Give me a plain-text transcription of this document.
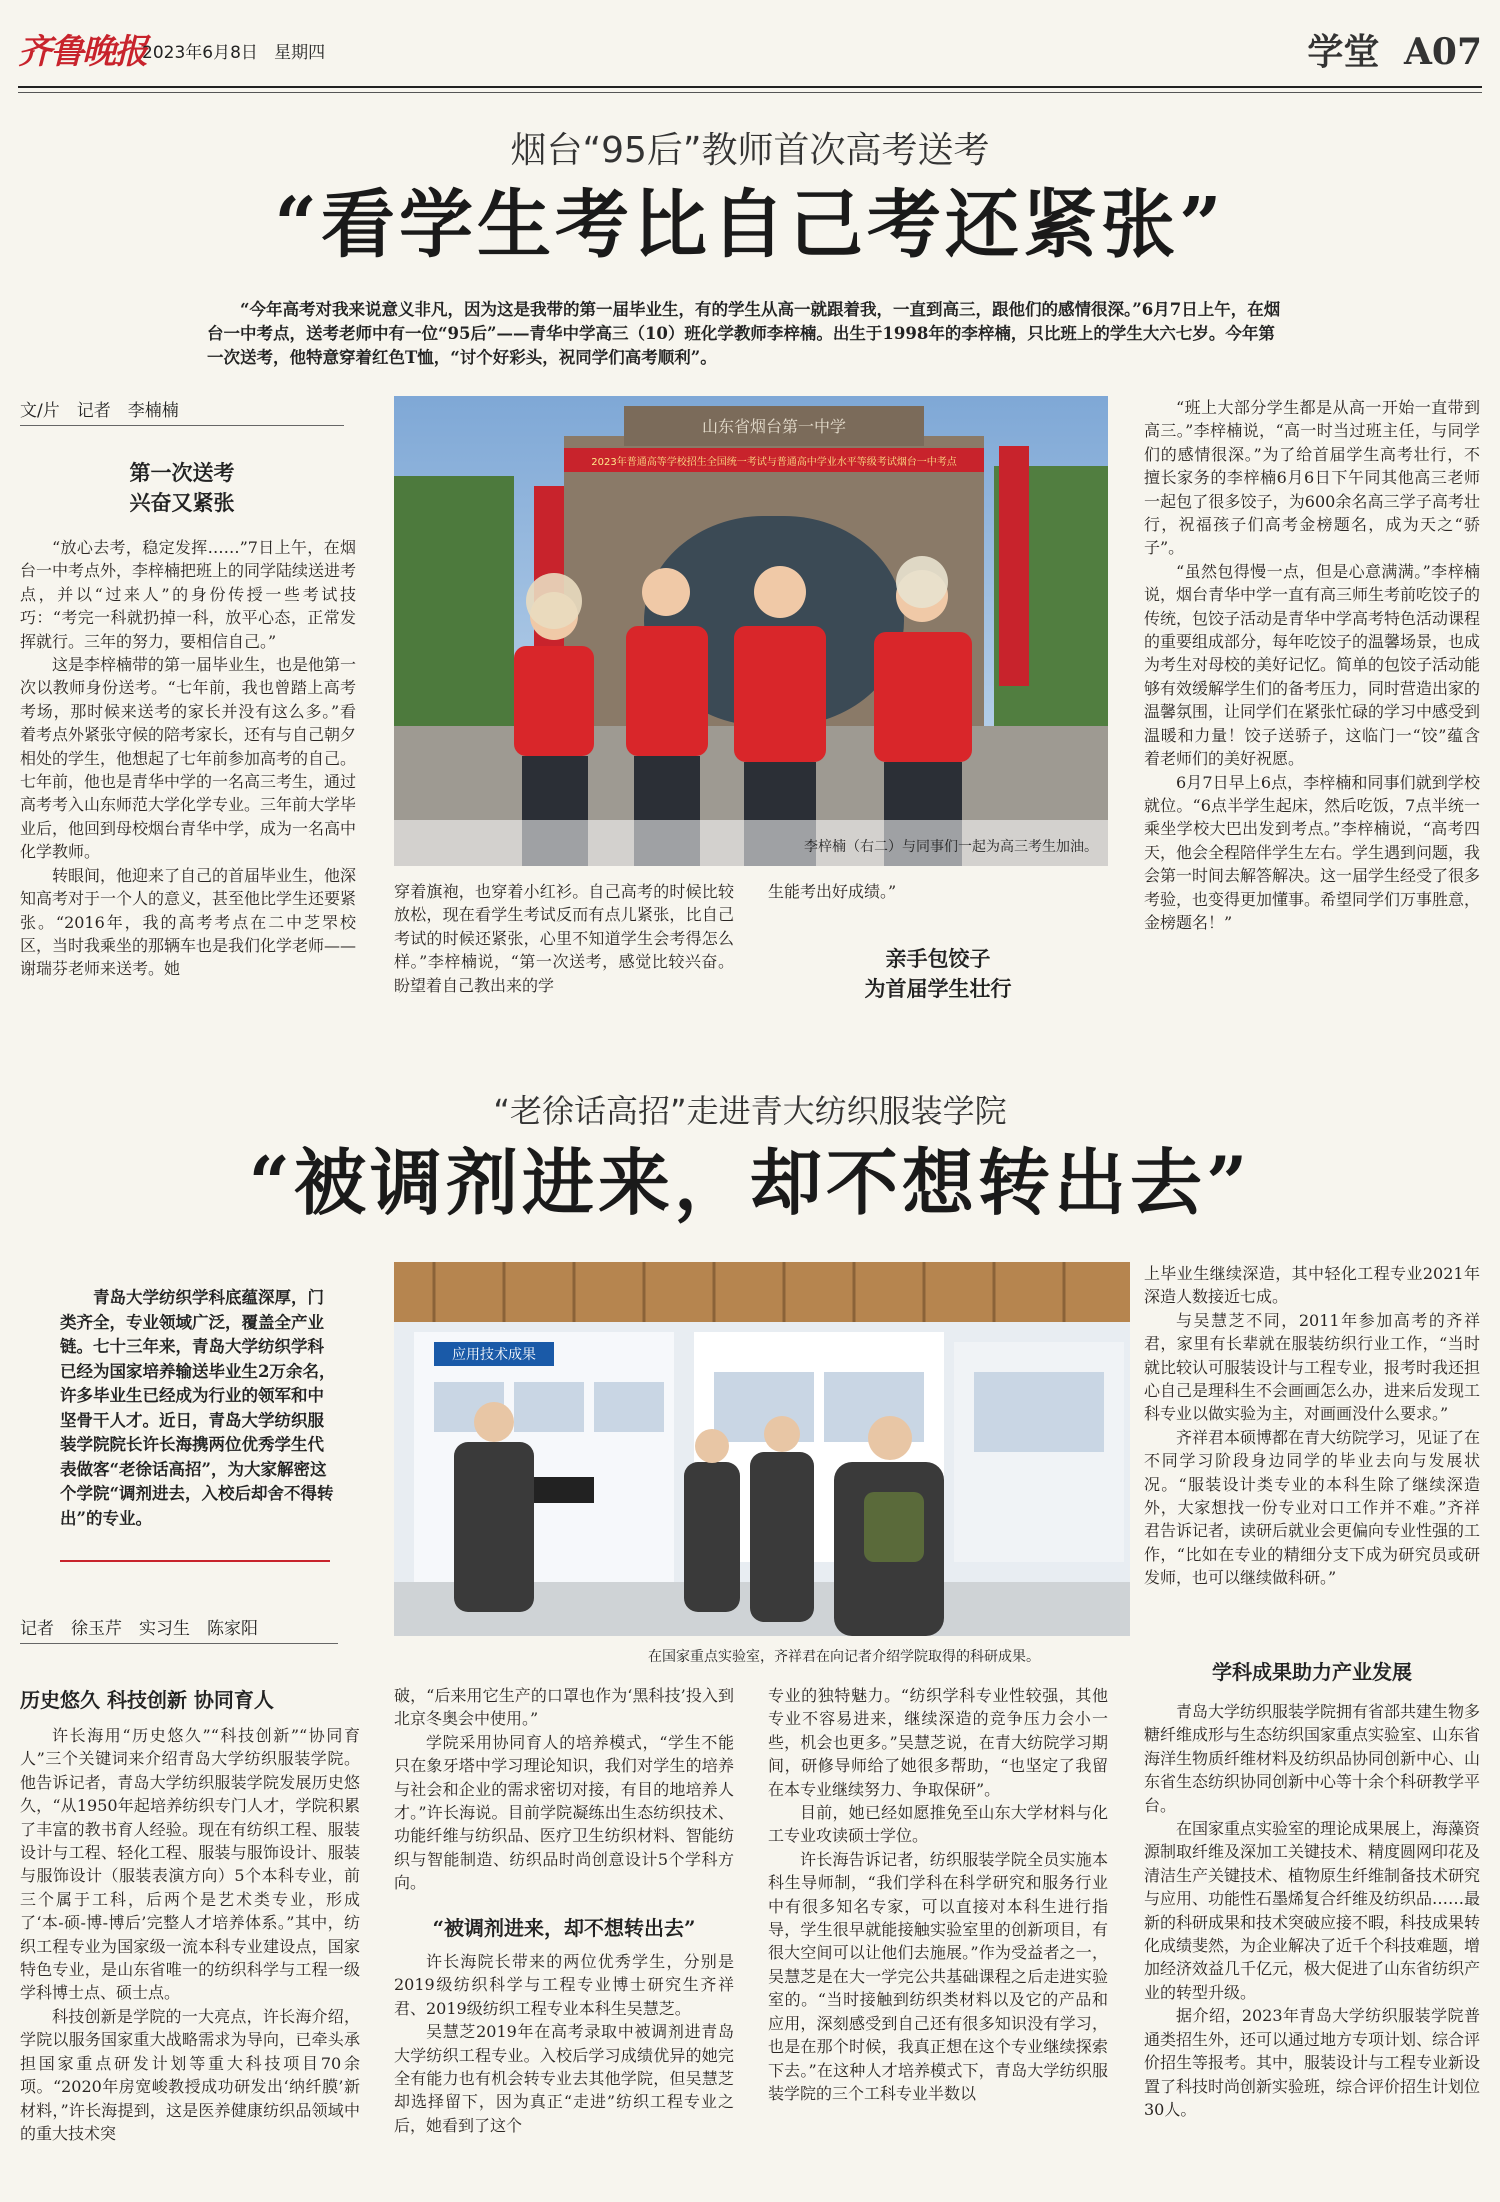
齐鲁晚报
2023年6月8日 星期四	学堂 A07
烟台“95后”教师首次高考送考
“看学生考比自己考还紧张”
“今年高考对我来说意义非凡，因为这是我带的第一届毕业生，有的学生从高一就跟着我，一直到高三，跟他们的感情很深。”6月7日上午，在烟台一中考点，送考老师中有一位“95后”——青华中学高三（10）班化学教师李梓楠。出生于1998年的李梓楠，只比班上的学生大六七岁。今年第一次送考，他特意穿着红色T恤，“讨个好彩头，祝同学们高考顺利”。
文/片　记者　李楠楠
第一次送考
兴奋又紧张

“放心去考，稳定发挥……”7日上午，在烟台一中考点外，李梓楠把班上的同学陆续送进考点，并以“过来人”的身份传授一些考试技巧：“考完一科就扔掉一科，放平心态，正常发挥就行。三年的努力，要相信自己。”

这是李梓楠带的第一届毕业生，也是他第一次以教师身份送考。“七年前，我也曾踏上高考考场，那时候来送考的家长并没有这么多。”看着考点外紧张守候的陪考家长，还有与自己朝夕相处的学生，他想起了七年前参加高考的自己。七年前，他也是青华中学的一名高三考生，通过高考考入山东师范大学化学专业。三年前大学毕业后，他回到母校烟台青华中学，成为一名高中化学教师。

转眼间，他迎来了自己的首届毕业生，他深知高考对于一个人的意义，甚至他比学生还要紧张。“2016年，我的高考考点在二中芝罘校区，当时我乘坐的那辆车也是我们化学老师——谢瑞芬老师来送考。她

山东省烟台第一中学
2023年普通高等学校招生全国统一考试与普通高中学业水平等级考试烟台一中考点
李梓楠（右二）与同事们一起为高三考生加油。

穿着旗袍，也穿着小红衫。自己高考的时候比较放松，现在看学生考试反而有点儿紧张，比自己考试的时候还紧张，心里不知道学生会考得怎么样。”李梓楠说，“第一次送考，感觉比较兴奋。盼望着自己教出来的学

生能考出好成绩。”

亲手包饺子
为首届学生壮行

“班上大部分学生都是从高一开始一直带到高三。”李梓楠说，“高一时当过班主任，与同学们的感情很深。”为了给首届学生高考壮行，不擅长家务的李梓楠6月6日下午同其他高三老师一起包了很多饺子，为600余名高三学子高考壮行，祝福孩子们高考金榜题名，成为天之“骄子”。

“虽然包得慢一点，但是心意满满。”李梓楠说，烟台青华中学一直有高三师生考前吃饺子的传统，包饺子活动是青华中学高考特色活动课程的重要组成部分，每年吃饺子的温馨场景，也成为考生对母校的美好记忆。简单的包饺子活动能够有效缓解学生们的备考压力，同时营造出家的温馨氛围，让同学们在紧张忙碌的学习中感受到温暖和力量！饺子送骄子，这临门一“饺”蕴含着老师们的美好祝愿。

6月7日早上6点，李梓楠和同事们就到学校就位。“6点半学生起床，然后吃饭，7点半统一乘坐学校大巴出发到考点。”李梓楠说，“高考四天，他会全程陪伴学生左右。学生遇到问题，我会第一时间去解答解决。这一届学生经受了很多考验，也变得更加懂事。希望同学们万事胜意，金榜题名！”

“老徐话高招”走进青大纺织服装学院
“被调剂进来，却不想转出去”
青岛大学纺织学科底蕴深厚，门类齐全，专业领域广泛，覆盖全产业链。七十三年来，青岛大学纺织学科已经为国家培养输送毕业生2万余名，许多毕业生已经成为行业的领军和中坚骨干人才。近日，青岛大学纺织服装学院院长许长海携两位优秀学生代表做客“老徐话高招”，为大家解密这个学院“调剂进去，入校后却舍不得转出”的专业。
记者　徐玉芹　实习生　陈家阳
应用技术成果
在国家重点实验室，齐祥君在向记者介绍学院取得的科研成果。
历史悠久 科技创新 协同育人

许长海用“历史悠久”“科技创新”“协同育人”三个关键词来介绍青岛大学纺织服装学院。他告诉记者，青岛大学纺织服装学院发展历史悠久，“从1950年起培养纺织专门人才，学院积累了丰富的教书育人经验。现在有纺织工程、服装设计与工程、轻化工程、服装与服饰设计、服装与服饰设计（服装表演方向）5个本科专业，前三个属于工科，后两个是艺术类专业，形成了‘本-硕-博-博后’完整人才培养体系。”其中，纺织工程专业为国家级一流本科专业建设点，国家特色专业，是山东省唯一的纺织科学与工程一级学科博士点、硕士点。

科技创新是学院的一大亮点，许长海介绍，学院以服务国家重大战略需求为导向，已牵头承担国家重点研发计划等重大科技项目70余项。“2020年房宽峻教授成功研发出‘纳纤膜’新材料，”许长海提到，这是医养健康纺织品领域中的重大技术突

破，“后来用它生产的口罩也作为‘黑科技’投入到北京冬奥会中使用。”

学院采用协同育人的培养模式，“学生不能只在象牙塔中学习理论知识，我们对学生的培养与社会和企业的需求密切对接，有目的地培养人才。”许长海说。目前学院凝练出生态纺织技术、功能纤维与纺织品、医疗卫生纺织材料、智能纺织与智能制造、纺织品时尚创意设计5个学科方向。

“被调剂进来，却不想转出去”

许长海院长带来的两位优秀学生，分别是2019级纺织科学与工程专业博士研究生齐祥君、2019级纺织工程专业本科生吴慧芝。

吴慧芝2019年在高考录取中被调剂进青岛大学纺织工程专业。入校后学习成绩优异的她完全有能力也有机会转专业去其他学院，但吴慧芝却选择留下，因为真正“走进”纺织工程专业之后，她看到了这个

专业的独特魅力。“纺织学科专业性较强，其他专业不容易进来，继续深造的竞争压力会小一些，机会也更多。”吴慧芝说，在青大纺院学习期间，研修导师给了她很多帮助，“也坚定了我留在本专业继续努力、争取保研”。

目前，她已经如愿推免至山东大学材料与化工专业攻读硕士学位。

许长海告诉记者，纺织服装学院全员实施本科生导师制，“我们学科在科学研究和服务行业中有很多知名专家，可以直接对本科生进行指导，学生很早就能接触实验室里的创新项目，有很大空间可以让他们去施展。”作为受益者之一，吴慧芝是在大一学完公共基础课程之后走进实验室的。“当时接触到纺织类材料以及它的产品和应用，深刻感受到自己还有很多知识没有学习，也是在那个时候，我真正想在这个专业继续探索下去。”在这种人才培养模式下，青岛大学纺织服装学院的三个工科专业半数以

上毕业生继续深造，其中轻化工程专业2021年深造人数接近七成。

与吴慧芝不同，2011年参加高考的齐祥君，家里有长辈就在服装纺织行业工作，“当时就比较认可服装设计与工程专业，报考时我还担心自己是理科生不会画画怎么办，进来后发现工科专业以做实验为主，对画画没什么要求。”

齐祥君本硕博都在青大纺院学习，见证了在不同学习阶段身边同学的毕业去向与发展状况。“服装设计类专业的本科生除了继续深造外，大家想找一份专业对口工作并不难。”齐祥君告诉记者，读研后就业会更偏向专业性强的工作，“比如在专业的精细分支下成为研究员或研发师，也可以继续做科研。”

学科成果助力产业发展

青岛大学纺织服装学院拥有省部共建生物多糖纤维成形与生态纺织国家重点实验室、山东省海洋生物质纤维材料及纺织品协同创新中心、山东省生态纺织协同创新中心等十余个科研教学平台。

在国家重点实验室的理论成果展上，海藻资源制取纤维及深加工关键技术、精度圆网印花及清洁生产关键技术、植物原生纤维制备技术研究与应用、功能性石墨烯复合纤维及纺织品……最新的科研成果和技术突破应接不暇，科技成果转化成绩斐然，为企业解决了近千个科技难题，增加经济效益几千亿元，极大促进了山东省纺织产业的转型升级。

据介绍，2023年青岛大学纺织服装学院普通类招生外，还可以通过地方专项计划、综合评价招生等报考。其中，服装设计与工程专业新设置了科技时尚创新实验班，综合评价招生计划位30人。
